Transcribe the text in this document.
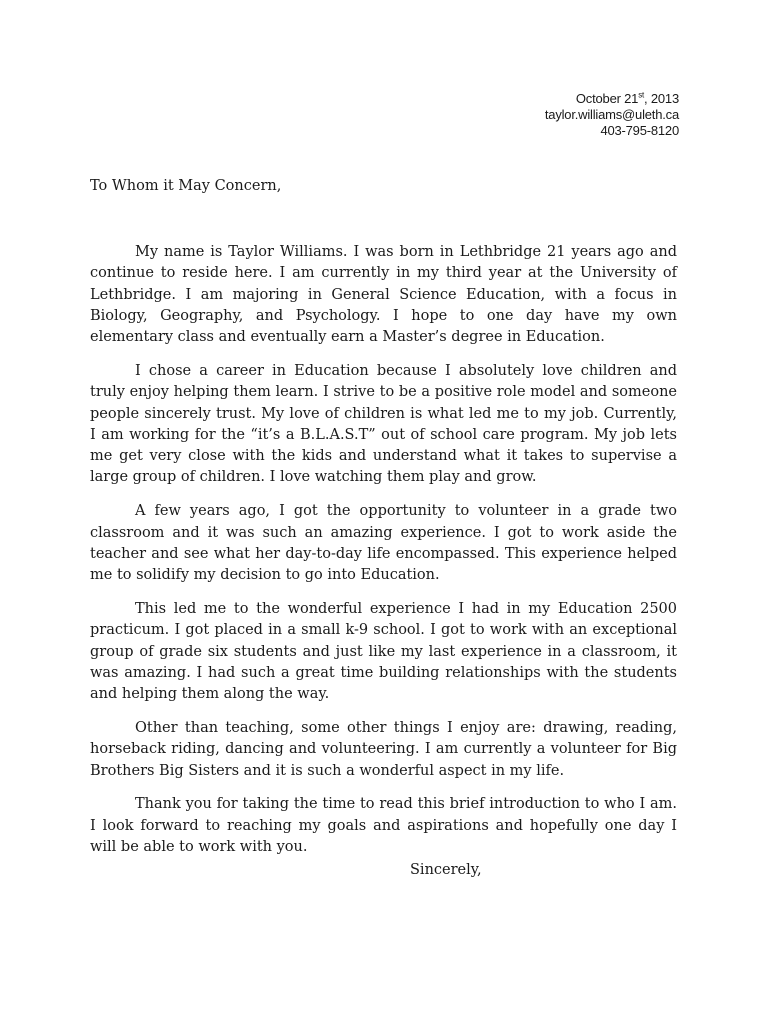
October 21st, 2013
taylor.williams@uleth.ca
403-795-8120
To Whom it May Concern,

My name is Taylor Williams. I was born in Lethbridge 21 years ago and continue to reside here. I am currently in my third year at the University of Lethbridge. I am majoring in General Science Education, with a focus in Biology, Geography, and Psychology. I hope to one day have my own elementary class and eventually earn a Master’s degree in Education.

I chose a career in Education because I absolutely love children and truly enjoy helping them learn. I strive to be a positive role model and someone people sincerely trust. My love of children is what led me to my job. Currently, I am working for the “it’s a B.L.A.S.T” out of school care program. My job lets me get very close with the kids and understand what it takes to supervise a large group of children. I love watching them play and grow.

A few years ago, I got the opportunity to volunteer in a grade two classroom and it was such an amazing experience. I got to work aside the teacher and see what her day-to-day life encompassed. This experience helped me to solidify my decision to go into Education.

This led me to the wonderful experience I had in my Education 2500 practicum. I got placed in a small k-9 school. I got to work with an exceptional group of grade six students and just like my last experience in a classroom, it was amazing. I had such a great time building relationships with the students and helping them along the way.

Other than teaching, some other things I enjoy are: drawing, reading, horseback riding, dancing and volunteering. I am currently a volunteer for Big Brothers Big Sisters and it is such a wonderful aspect in my life.

Thank you for taking the time to read this brief introduction to who I am. I look forward to reaching my goals and aspirations and hopefully one day I will be able to work with you.

Sincerely,
